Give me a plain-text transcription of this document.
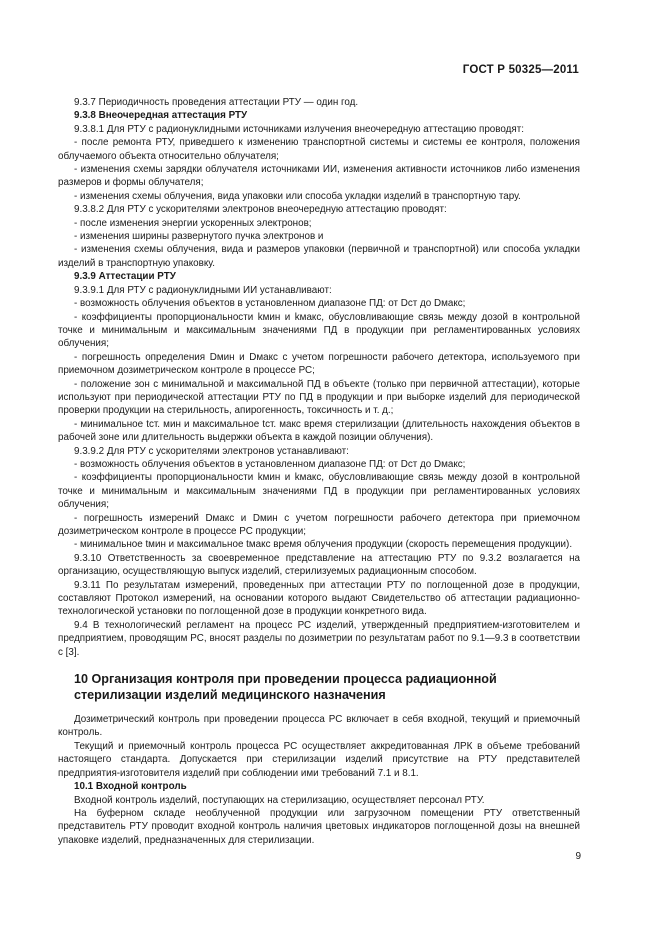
ГОСТ Р 50325—2011

9.3.7 Периодичность проведения аттестации РТУ — один год.

9.3.8 Внеочередная аттестация РТУ

9.3.8.1 Для РТУ с радионуклидными источниками излучения внеочередную аттестацию проводят:

- после ремонта РТУ, приведшего к изменению транспортной системы и системы ее контроля, положения облучаемого объекта относительно облучателя;

- изменения схемы зарядки облучателя источниками ИИ, изменения активности источников либо изменения размеров и формы облучателя;

- изменения схемы облучения, вида упаковки или способа укладки изделий в транспортную тару.

9.3.8.2 Для РТУ с ускорителями электронов внеочередную аттестацию проводят:

- после изменения энергии ускоренных электронов;

- изменения ширины развернутого пучка электронов и

- изменения схемы облучения, вида и размеров упаковки (первичной и транспортной) или способа укладки изделий в транспортную упаковку.

9.3.9 Аттестации РТУ

9.3.9.1 Для РТУ с радионуклидными ИИ устанавливают:

- возможность облучения объектов в установленном диапазоне ПД: от Dст до Dмакс;

- коэффициенты пропорциональности kмин и kмакс, обусловливающие связь между дозой в контрольной точке и минимальным и максимальным значениями ПД в продукции при регламентированных условиях облучения;

- погрешность определения Dмин и Dмакс с учетом погрешности рабочего детектора, используемого при приемочном дозиметрическом контроле в процессе РС;

- положение зон с минимальной и максимальной ПД в объекте (только при первичной аттестации), которые используют при периодической аттестации РТУ по ПД в продукции и при выборке изделий для периодической проверки продукции на стерильность, апирогенность, токсичность и т. д.;

- минимальное tст. мин и максимальное tст. макс время стерилизации (длительность нахождения объектов в рабочей зоне или длительность выдержки объекта в каждой позиции облучения).

9.3.9.2 Для РТУ с ускорителями электронов устанавливают:

- возможность облучения объектов в установленном диапазоне ПД: от Dст до Dмакс;

- коэффициенты пропорциональности kмин и kмакс, обусловливающие связь между дозой в контрольной точке и минимальным и максимальным значениями ПД в продукции при регламентированных условиях облучения;

- погрешность измерений Dмакс и Dмин с учетом погрешности рабочего детектора при приемочном дозиметрическом контроле в процессе РС продукции;

- минимальное tмин и максимальное tмакс время облучения продукции (скорость перемещения продукции).

9.3.10 Ответственность за своевременное представление на аттестацию РТУ по 9.3.2 возлагается на организацию, осуществляющую выпуск изделий, стерилизуемых радиационным способом.

9.3.11 По результатам измерений, проведенных при аттестации РТУ по поглощенной дозе в продукции, составляют Протокол измерений, на основании которого выдают Свидетельство об аттестации радиационно-технологической установки по поглощенной дозе в продукции конкретного вида.

9.4 В технологический регламент на процесс РС изделий, утвержденный предприятием-изготовителем и предприятием, проводящим РС, вносят разделы по дозиметрии по результатам работ по 9.1—9.3 в соответствии с [3].

10 Организация контроля при проведении процесса радиационной стерилизации изделий медицинского назначения

Дозиметрический контроль при проведении процесса РС включает в себя входной, текущий и приемочный контроль.

Текущий и приемочный контроль процесса РС осуществляет аккредитованная ЛРК в объеме требований настоящего стандарта. Допускается при стерилизации изделий присутствие на РТУ представителей предприятия-изготовителя изделий при соблюдении ими требований 7.1 и 8.1.

10.1 Входной контроль

Входной контроль изделий, поступающих на стерилизацию, осуществляет персонал РТУ.

На буферном складе необлученной продукции или загрузочном помещении РТУ ответственный представитель РТУ проводит входной контроль наличия цветовых индикаторов поглощенной дозы на внешней упаковке изделий, предназначенных для стерилизации.

9
